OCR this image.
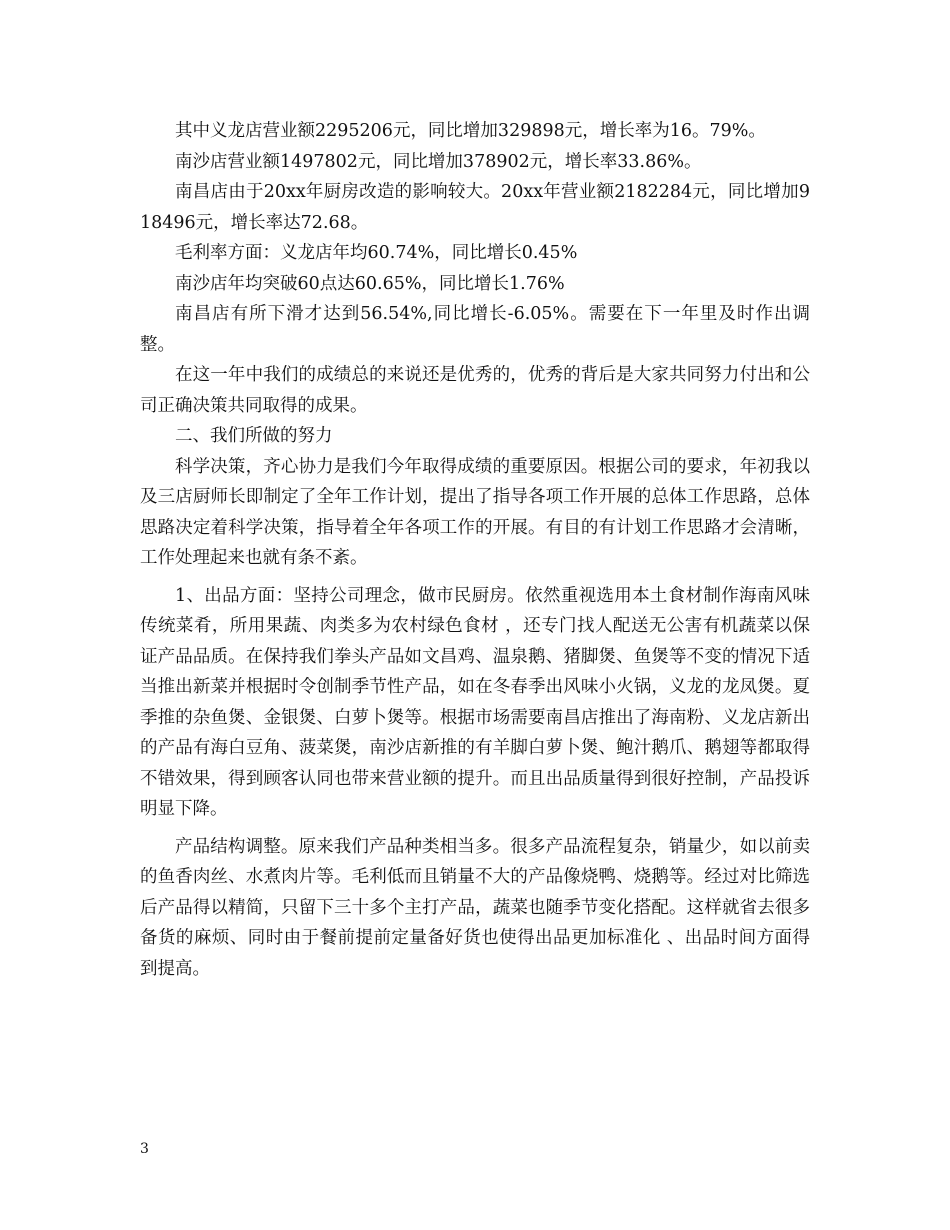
其中义龙店营业额2295206元，同比增加329898元，增长率为16。79%。

南沙店营业额1497802元，同比增加378902元，增长率33.86%。

南昌店由于20xx年厨房改造的影响较大。20xx年营业额2182284元，同比增加918496元，增长率达72.68。

毛利率方面：义龙店年均60.74%，同比增长0.45%

南沙店年均突破60点达60.65%，同比增长1.76%

南昌店有所下滑才达到56.54%,同比增长-6.05%。需要在下一年里及时作出调整。

在这一年中我们的成绩总的来说还是优秀的，优秀的背后是大家共同努力付出和公司正确决策共同取得的成果。

二、我们所做的努力

科学决策，齐心协力是我们今年取得成绩的重要原因。根据公司的要求，年初我以及三店厨师长即制定了全年工作计划，提出了指导各项工作开展的总体工作思路，总体思路决定着科学决策，指导着全年各项工作的开展。有目的有计划工作思路才会清晰，工作处理起来也就有条不紊。

1、出品方面：坚持公司理念，做市民厨房。依然重视选用本土食材制作海南风味传统菜肴，所用果蔬、肉类多为农村绿色食材 ，还专门找人配送无公害有机蔬菜以保证产品品质。在保持我们拳头产品如文昌鸡、温泉鹅、猪脚煲、鱼煲等不变的情况下适当推出新菜并根据时令创制季节性产品，如在冬春季出风味小火锅，义龙的龙凤煲。夏季推的杂鱼煲、金银煲、白萝卜煲等。根据市场需要南昌店推出了海南粉、义龙店新出的产品有海白豆角、菠菜煲，南沙店新推的有羊脚白萝卜煲、鲍汁鹅爪、鹅翅等都取得不错效果，得到顾客认同也带来营业额的提升。而且出品质量得到很好控制，产品投诉明显下降。

产品结构调整。原来我们产品种类相当多。很多产品流程复杂，销量少，如以前卖的鱼香肉丝、水煮肉片等。毛利低而且销量不大的产品像烧鸭、烧鹅等。经过对比筛选后产品得以精简，只留下三十多个主打产品，蔬菜也随季节变化搭配。这样就省去很多备货的麻烦、同时由于餐前提前定量备好货也使得出品更加标准化 、出品时间方面得到提高。

3
